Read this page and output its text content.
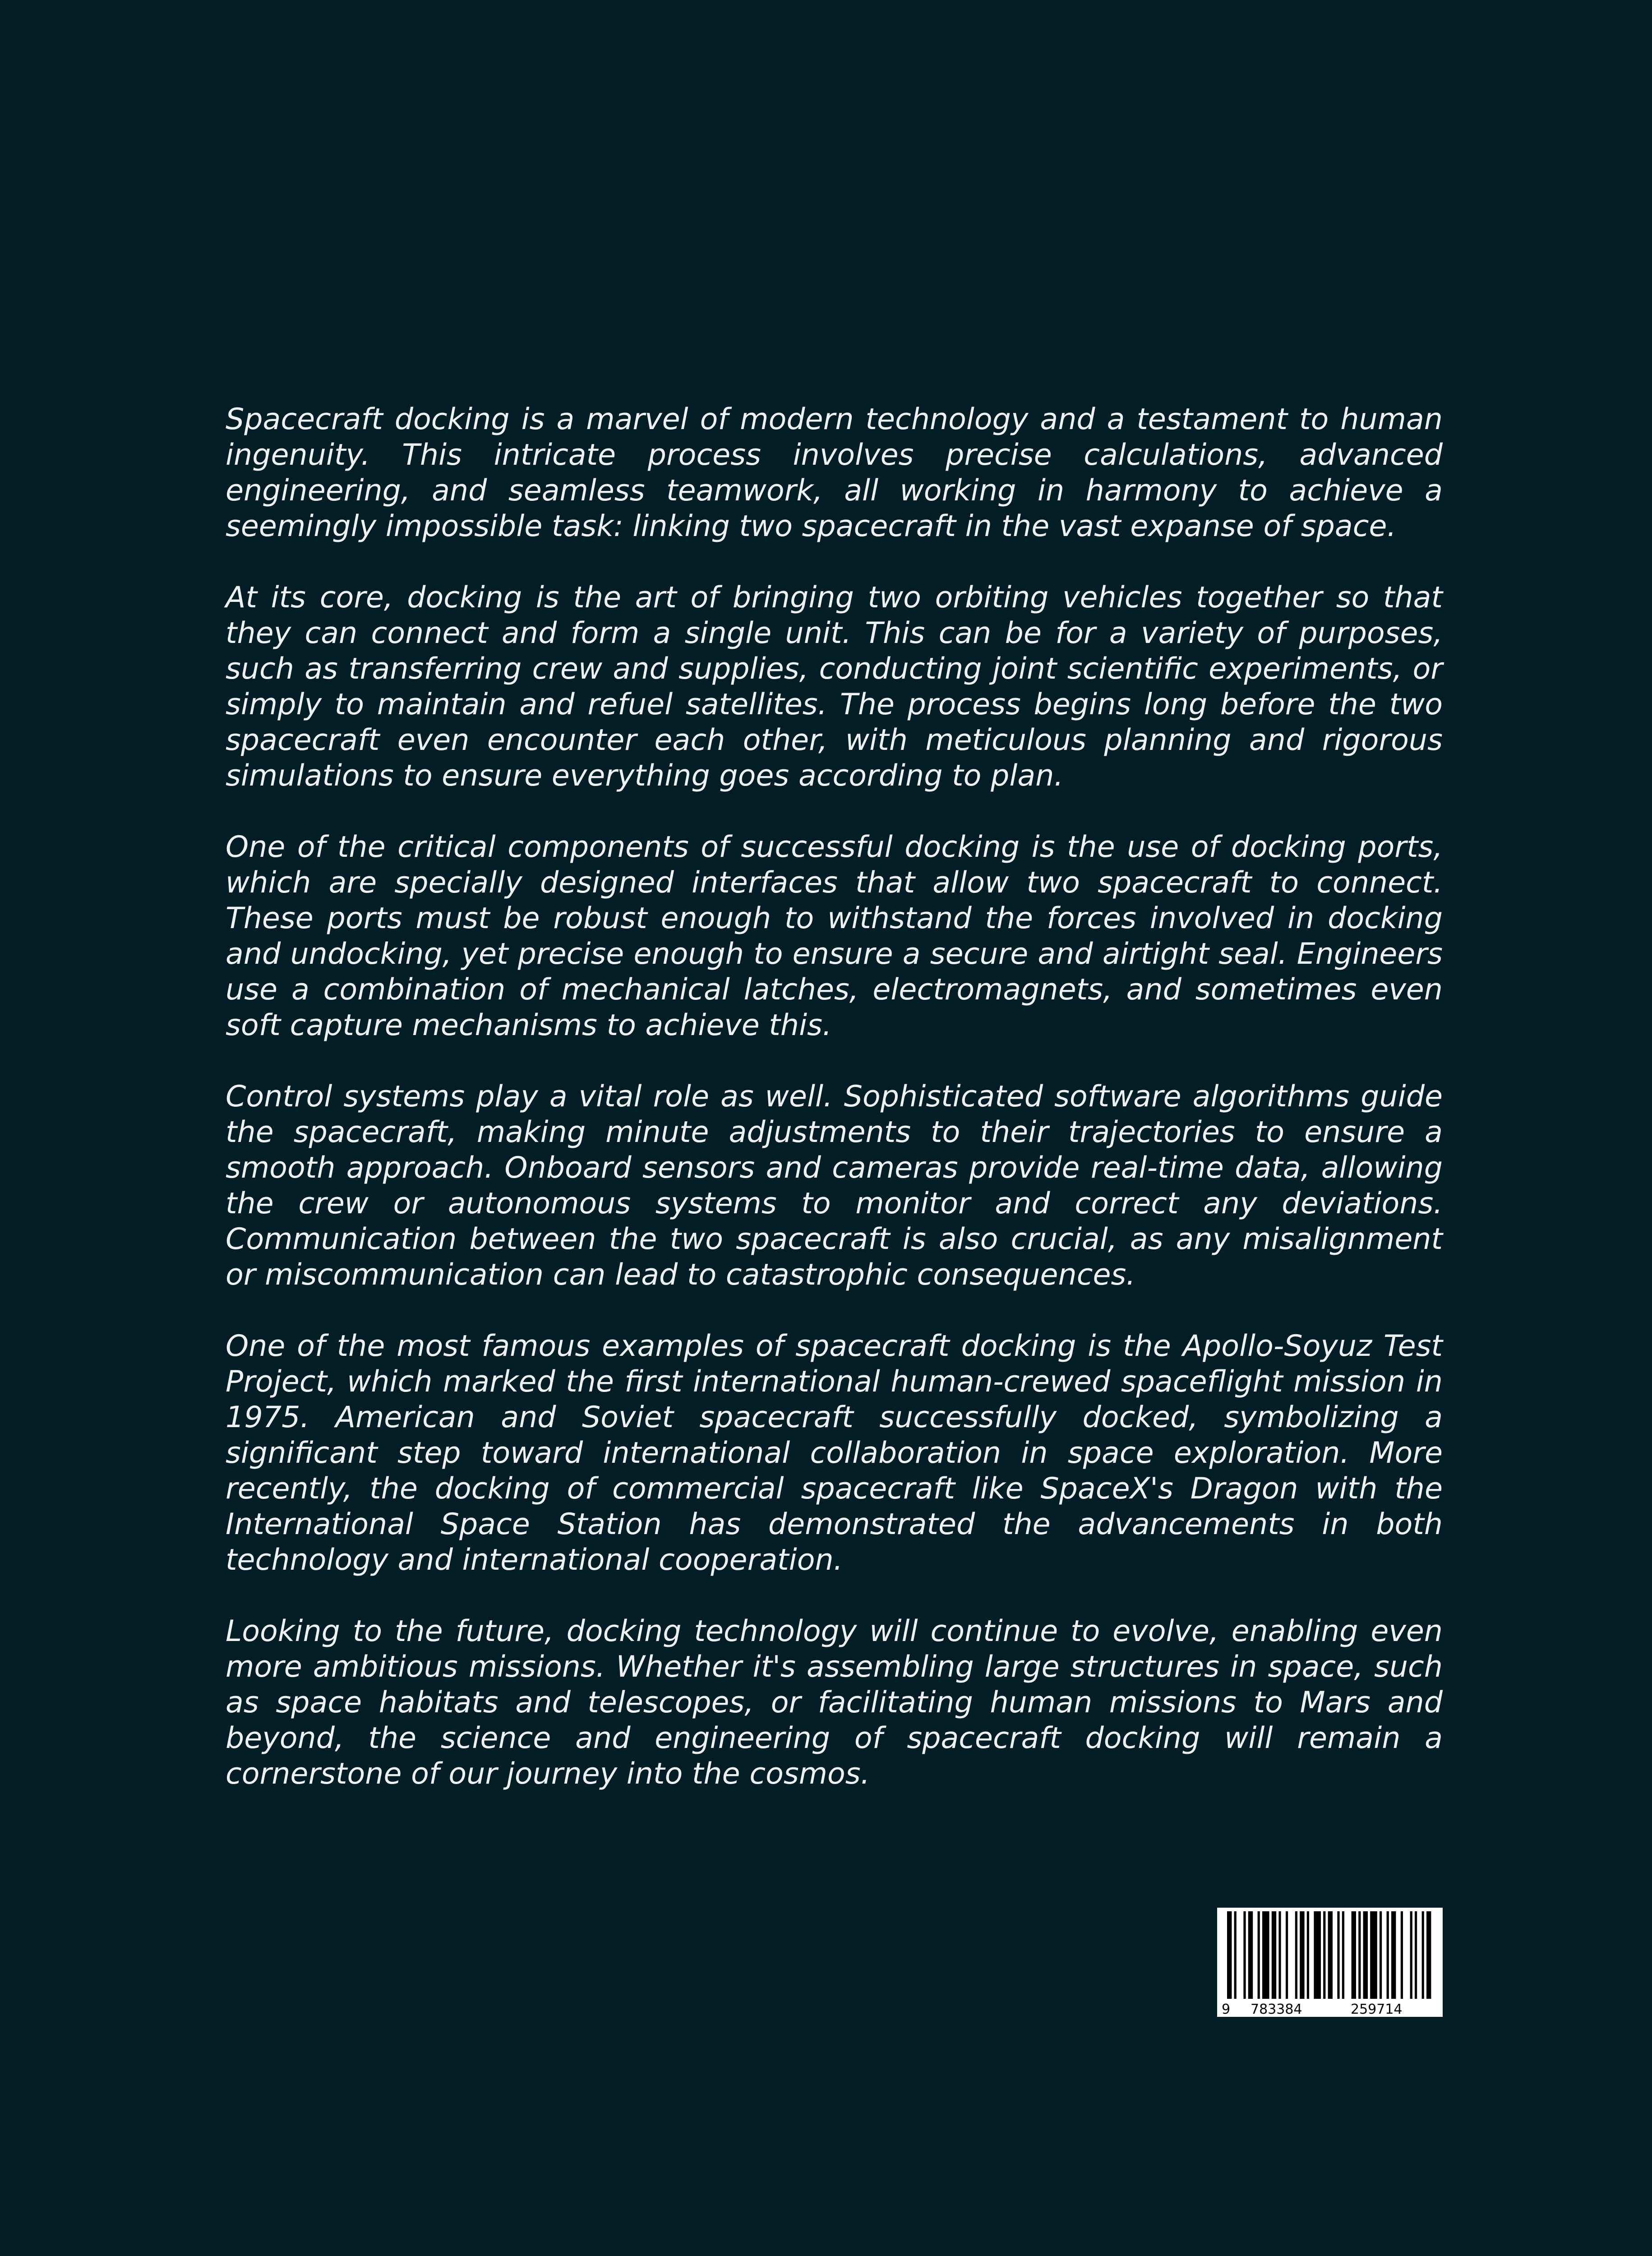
Spacecraft docking is a marvel of modern technology and a testament to human ingenuity. This intricate process involves precise calculations, advanced engineering, and seamless teamwork, all working in harmony to achieve a seemingly impossible task: linking two spacecraft in the vast expanse of space.

At its core, docking is the art of bringing two orbiting vehicles together so that they can connect and form a single unit. This can be for a variety of purposes, such as transferring crew and supplies, conducting joint scientific experiments, or simply to maintain and refuel satellites. The process begins long before the two spacecraft even encounter each other, with meticulous planning and rigorous simulations to ensure everything goes according to plan.

One of the critical components of successful docking is the use of docking ports, which are specially designed interfaces that allow two spacecraft to connect. These ports must be robust enough to withstand the forces involved in docking and undocking, yet precise enough to ensure a secure and airtight seal. Engineers use a combination of mechanical latches, electromagnets, and sometimes even soft capture mechanisms to achieve this.

Control systems play a vital role as well. Sophisticated software algorithms guide the spacecraft, making minute adjustments to their trajectories to ensure a smooth approach. Onboard sensors and cameras provide real-time data, allowing the crew or autonomous systems to monitor and correct any deviations. Communication between the two spacecraft is also crucial, as any misalignment or miscommunication can lead to catastrophic consequences.

One of the most famous examples of spacecraft docking is the Apollo-Soyuz Test Project, which marked the first international human-crewed spaceflight mission in 1975. American and Soviet spacecraft successfully docked, symbolizing a significant step toward international collaboration in space exploration. More recently, the docking of commercial spacecraft like SpaceX's Dragon with the International Space Station has demonstrated the advancements in both technology and international cooperation.

Looking to the future, docking technology will continue to evolve, enabling even more ambitious missions. Whether it's assembling large structures in space, such as space habitats and telescopes, or facilitating human missions to Mars and beyond, the science and engineering of spacecraft docking will remain a cornerstone of our journey into the cosmos.

9 783384	259714
